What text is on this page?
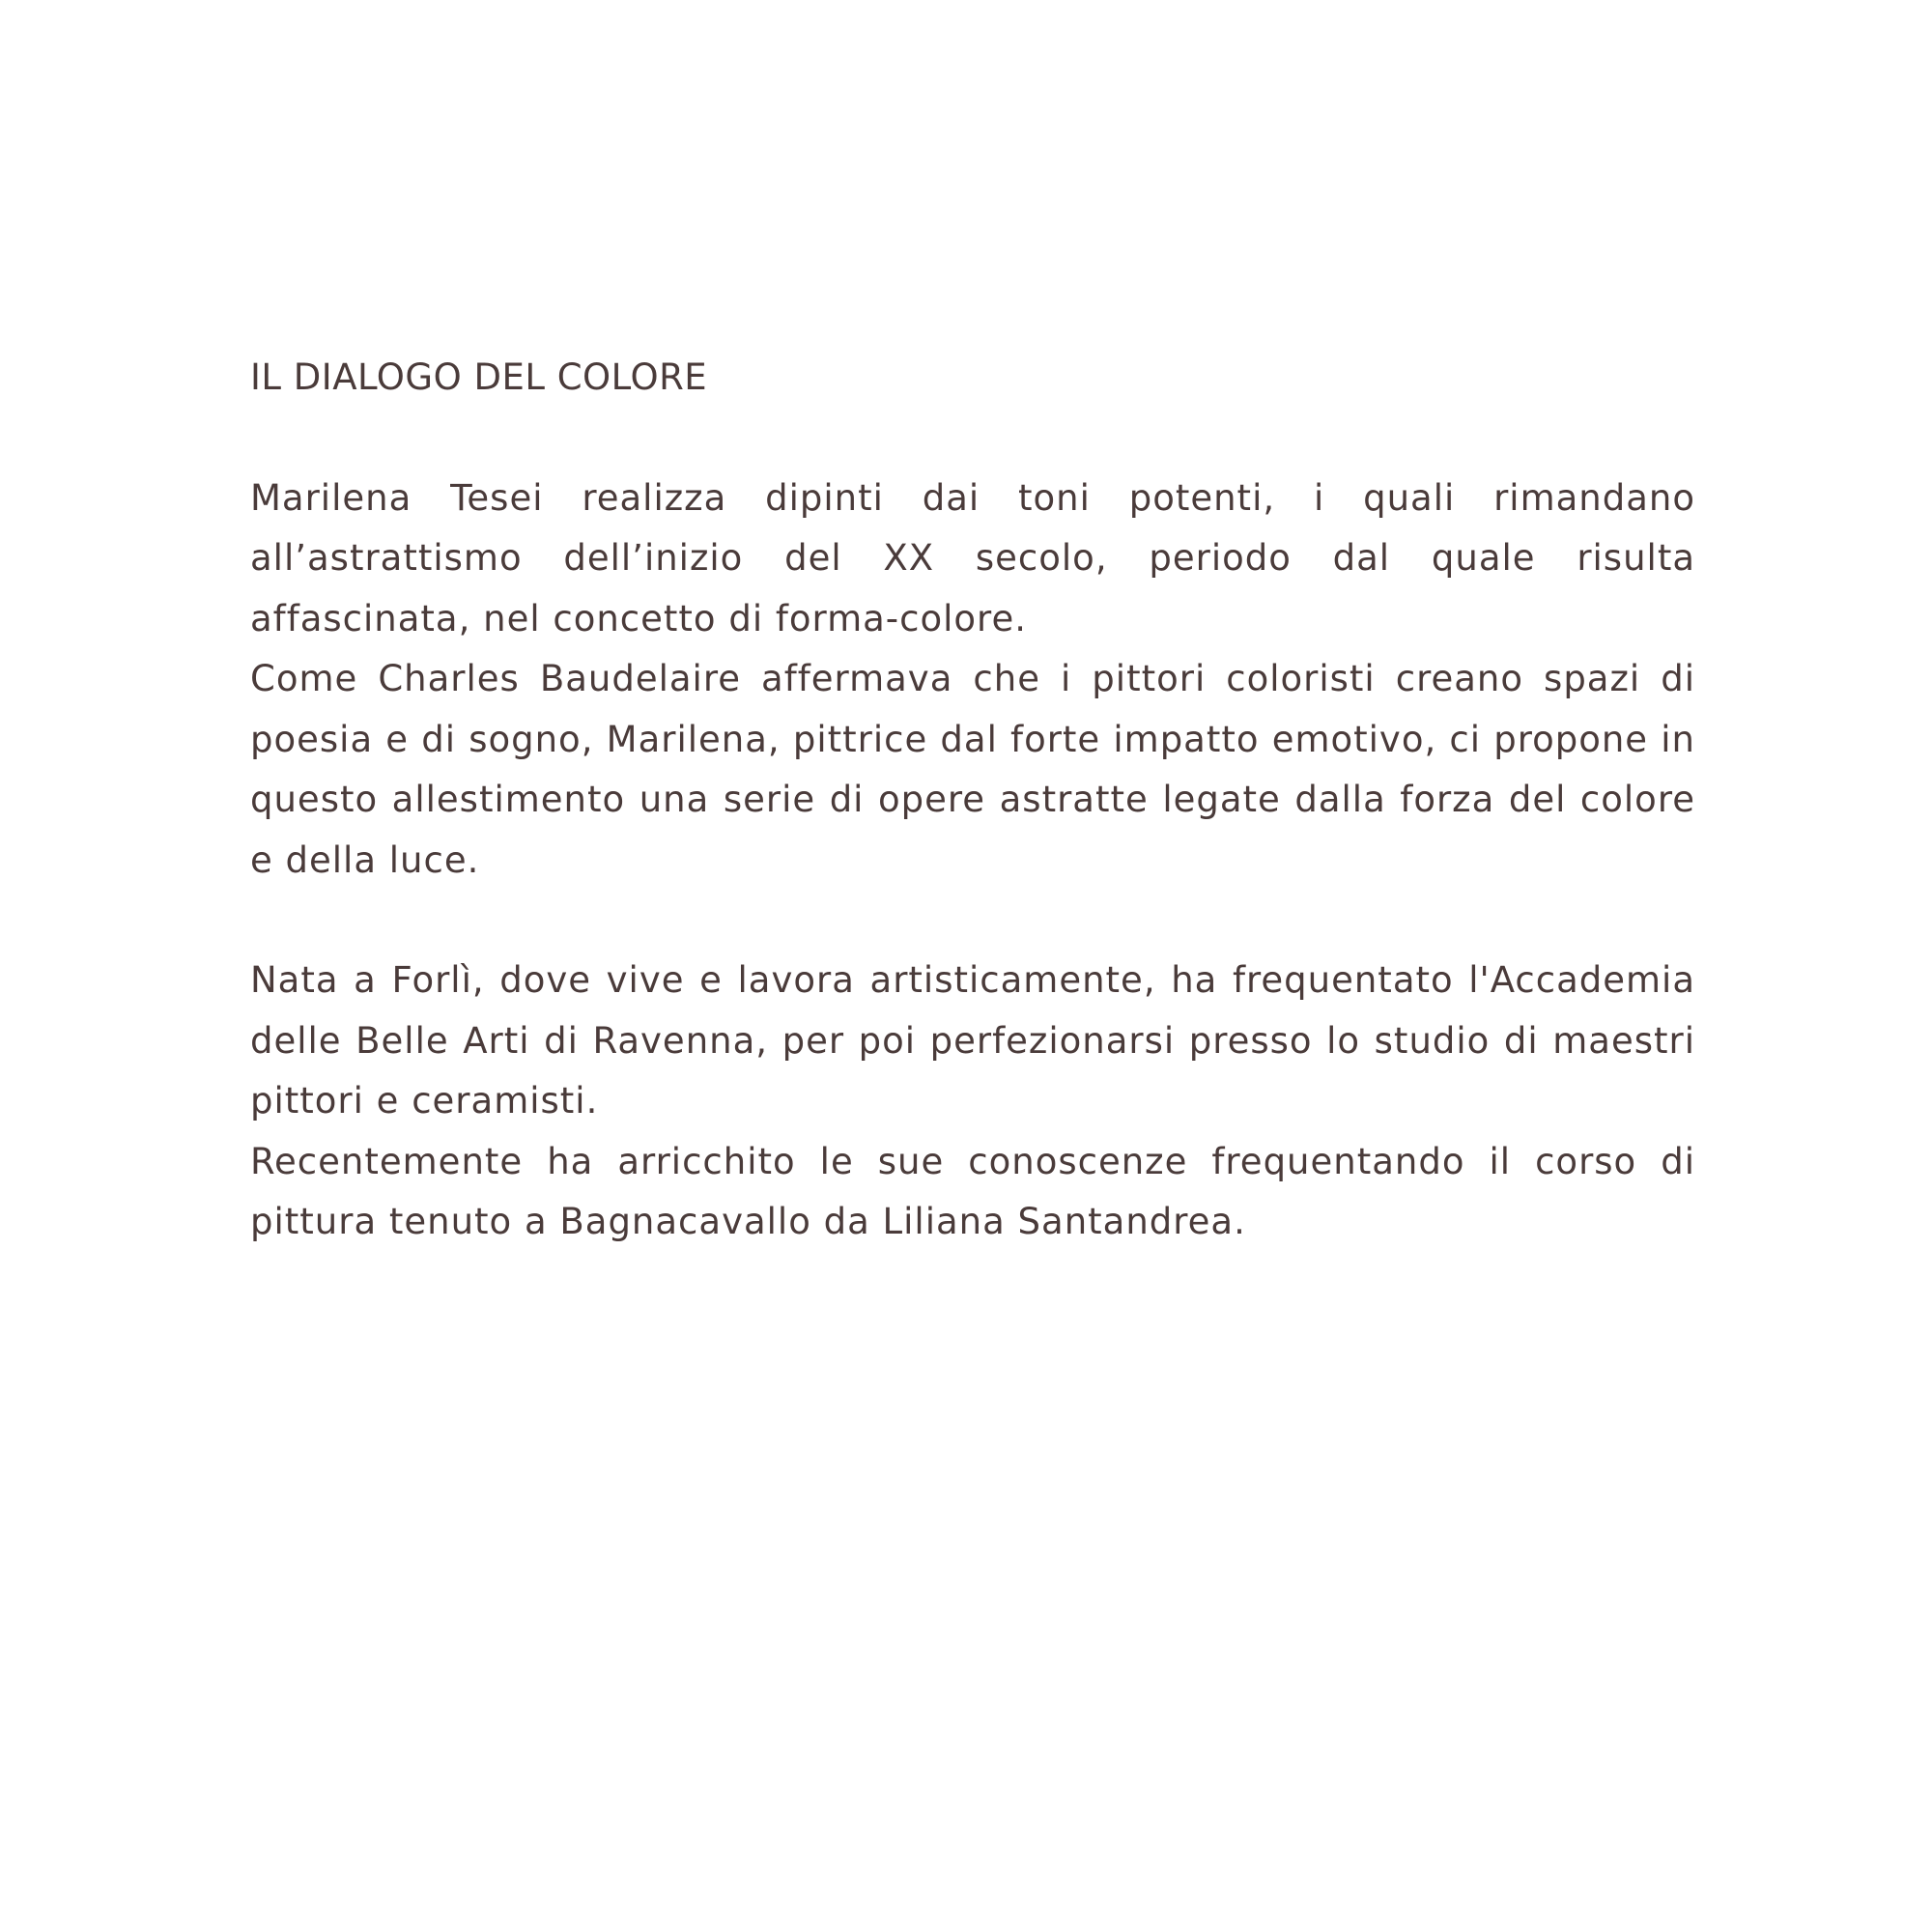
IL DIALOGO DEL COLORE

Marilena Tesei realizza dipinti dai toni potenti, i quali rimandano all’astrattismo dell’inizio del XX secolo, periodo dal quale risulta affascinata, nel concetto di forma-colore.

Come Charles Baudelaire affermava che i pittori coloristi creano spazi di poesia e di sogno, Marilena, pittrice dal forte impatto emotivo, ci propone in questo allestimento una serie di opere astratte legate dalla forza del colore e della luce.

Nata a Forlì, dove vive e lavora artisticamente, ha frequentato l'Accademia delle Belle Arti di Ravenna, per poi perfezionarsi presso lo studio di maestri pittori e ceramisti.

Recentemente ha arricchito le sue conoscenze frequentando il corso di pittura tenuto a Bagnacavallo da Liliana Santandrea.
